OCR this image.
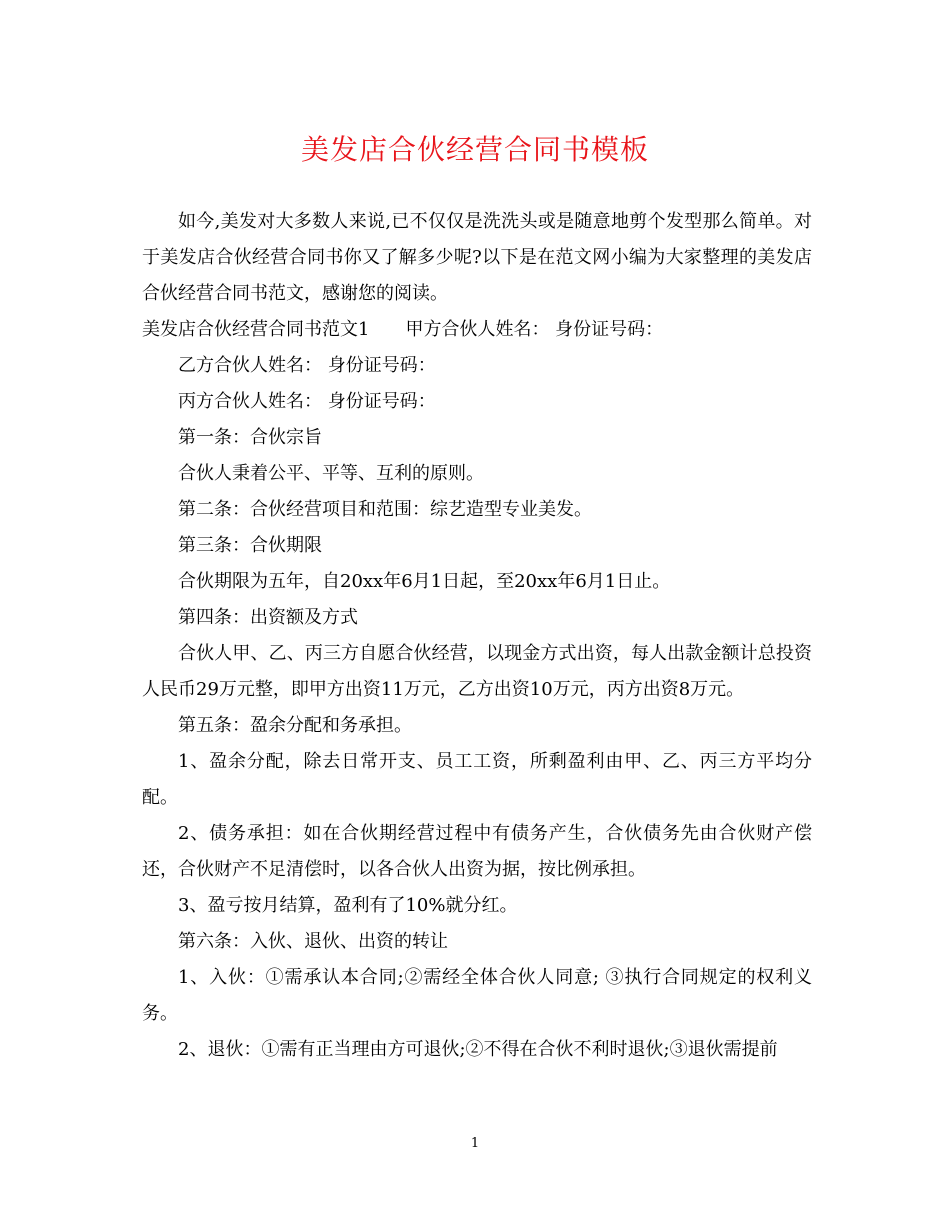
美发店合伙经营合同书模板

如今,美发对大多数人来说,已不仅仅是洗洗头或是随意地剪个发型那么简单。对于美发店合伙经营合同书你又了解多少呢?以下是在范文网小编为大家整理的美发店合伙经营合同书范文，感谢您的阅读。

美发店合伙经营合同书范文1 甲方合伙人姓名： 身份证号码：

乙方合伙人姓名： 身份证号码：

丙方合伙人姓名： 身份证号码：

第一条：合伙宗旨

合伙人秉着公平、平等、互利的原则。

第二条：合伙经营项目和范围：综艺造型专业美发。

第三条：合伙期限

合伙期限为五年，自20xx年6月1日起，至20xx年6月1日止。

第四条：出资额及方式

合伙人甲、乙、丙三方自愿合伙经营，以现金方式出资，每人出款金额计总投资人民币29万元整，即甲方出资11万元，乙方出资10万元，丙方出资8万元。

第五条：盈余分配和务承担。

1、盈余分配，除去日常开支、员工工资，所剩盈利由甲、乙、丙三方平均分配。

2、债务承担：如在合伙期经营过程中有债务产生，合伙债务先由合伙财产偿还，合伙财产不足清偿时，以各合伙人出资为据，按比例承担。

3、盈亏按月结算，盈利有了10%就分红。

第六条：入伙、退伙、出资的转让

1、入伙：①需承认本合同;②需经全体合伙人同意; ③执行合同规定的权利义务。

2、退伙：①需有正当理由方可退伙;②不得在合伙不利时退伙;③退伙需提前

1
